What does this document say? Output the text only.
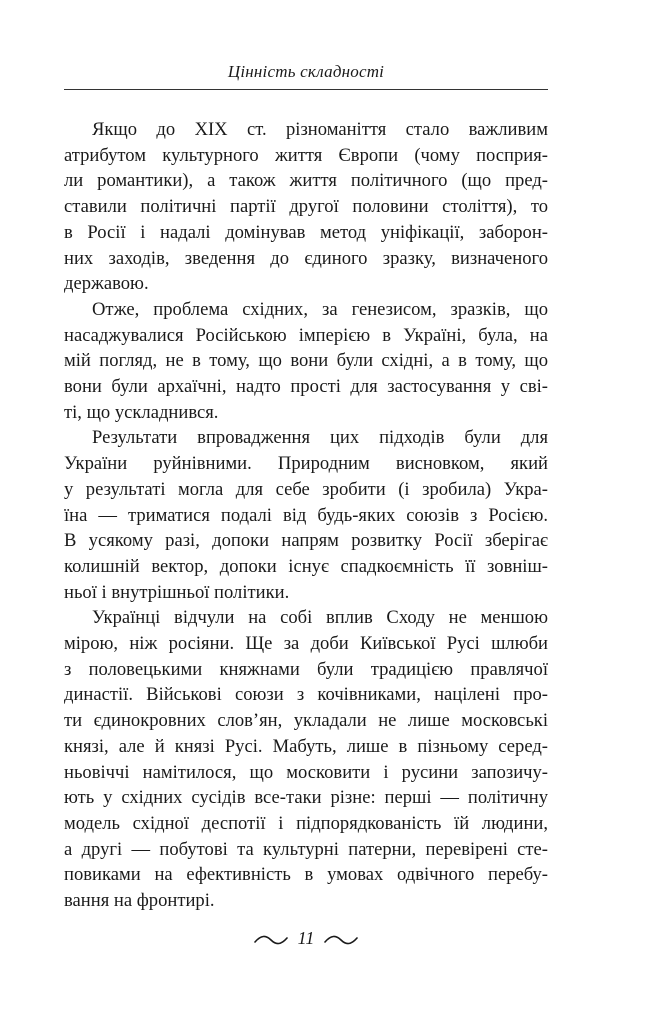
Цінність складності
Якщо до XIX ст. різноманіття стало важливим
атрибутом культурного життя Європи (чому посприя-
ли романтики), а також життя політичного (що пред-
ставили політичні партії другої половини століття), то
в Росії і надалі домінував метод уніфікації, заборон-
них заходів, зведення до єдиного зразку, визначеного
державою.
Отже, проблема східних, за генезисом, зразків, що
насаджувалися Російською імперією в Україні, була, на
мій погляд, не в тому, що вони були східні, а в тому, що
вони були архаїчні, надто прості для застосування у сві-
ті, що ускладнився.
Результати впровадження цих підходів були для
України руйнівними. Природним висновком, який
у результаті могла для себе зробити (і зробила) Укра-
їна — триматися подалі від будь-яких союзів з Росією.
В усякому разі, допоки напрям розвитку Росії зберігає
колишній вектор, допоки існує спадкоємність її зовніш-
ньої і внутрішньої політики.
Українці відчули на собі вплив Сходу не меншою
мірою, ніж росіяни. Ще за доби Київської Русі шлюби
з половецькими княжнами були традицією правлячої
династії. Військові союзи з кочівниками, націлені про-
ти єдинокровних слов’ян, укладали не лише московські
князі, але й князі Русі. Мабуть, лише в пізньому серед-
ньовіччі намітилося, що московити і русини запозичу-
ють у східних сусідів все-таки різне: перші — політичну
модель східної деспотії і підпорядкованість їй людини,
а другі — побутові та культурні патерни, перевірені сте-
повиками на ефективність в умовах одвічного перебу-
вання на фронтирі.
11
